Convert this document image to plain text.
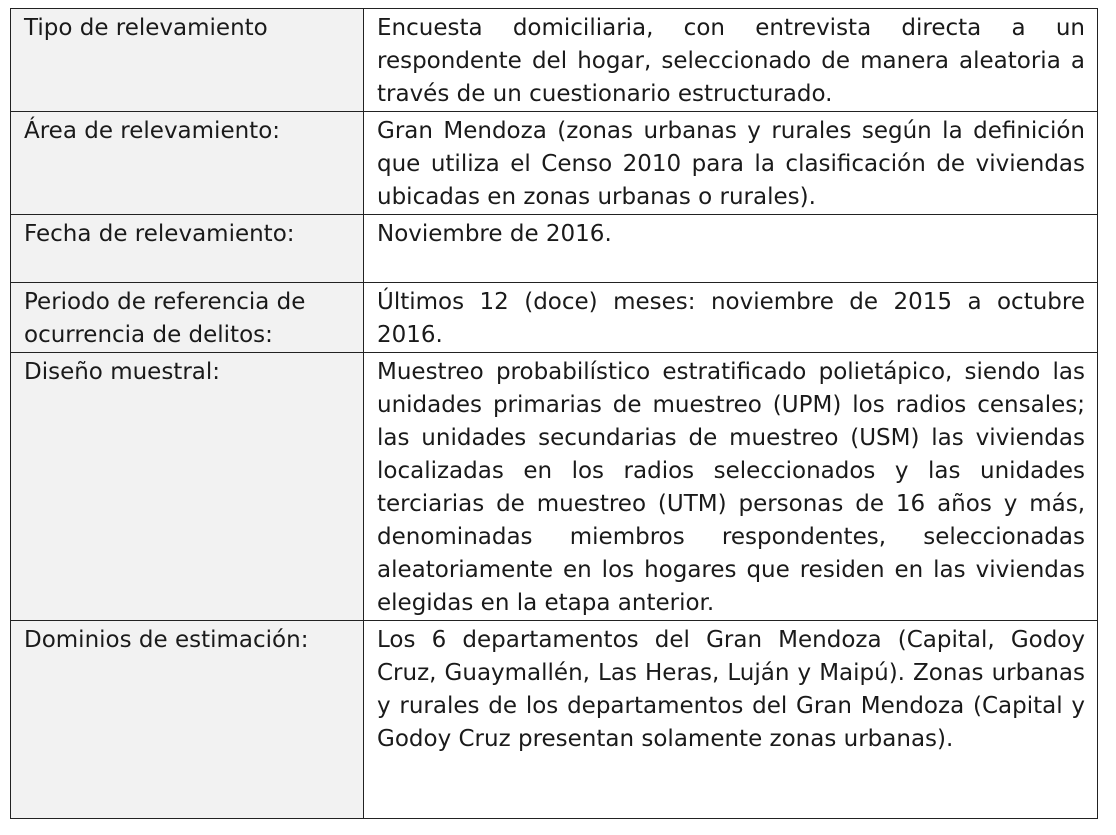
Tipo de relevamiento	Encuesta domiciliaria, con entrevista directa a un respondente del hogar, seleccionado de manera aleatoria a través de un cuestionario estructurado.
Área de relevamiento:	Gran Mendoza (zonas urbanas y rurales según la definición que utiliza el Censo 2010 para la clasificación de viviendas ubicadas en zonas urbanas o rurales).
Fecha de relevamiento:	Noviembre de 2016.
Periodo de referencia de ocurrencia de delitos:	Últimos 12 (doce) meses: noviembre de 2015 a octubre 2016.
Diseño muestral:	Muestreo probabilístico estratificado polietápico, siendo las unidades primarias de muestreo (UPM) los radios censales; las unidades secundarias de muestreo (USM) las viviendas localizadas en los radios seleccionados y las unidades terciarias de muestreo (UTM) personas de 16 años y más, denominadas miembros respondentes, seleccionadas aleatoriamente en los hogares que residen en las viviendas elegidas en la etapa anterior.
Dominios de estimación:	Los 6 departamentos del Gran Mendoza (Capital, Godoy Cruz, Guaymallén, Las Heras, Luján y Maipú). Zonas urbanas y rurales de los departamentos del Gran Mendoza (Capital y Godoy Cruz presentan solamente zonas urbanas).
